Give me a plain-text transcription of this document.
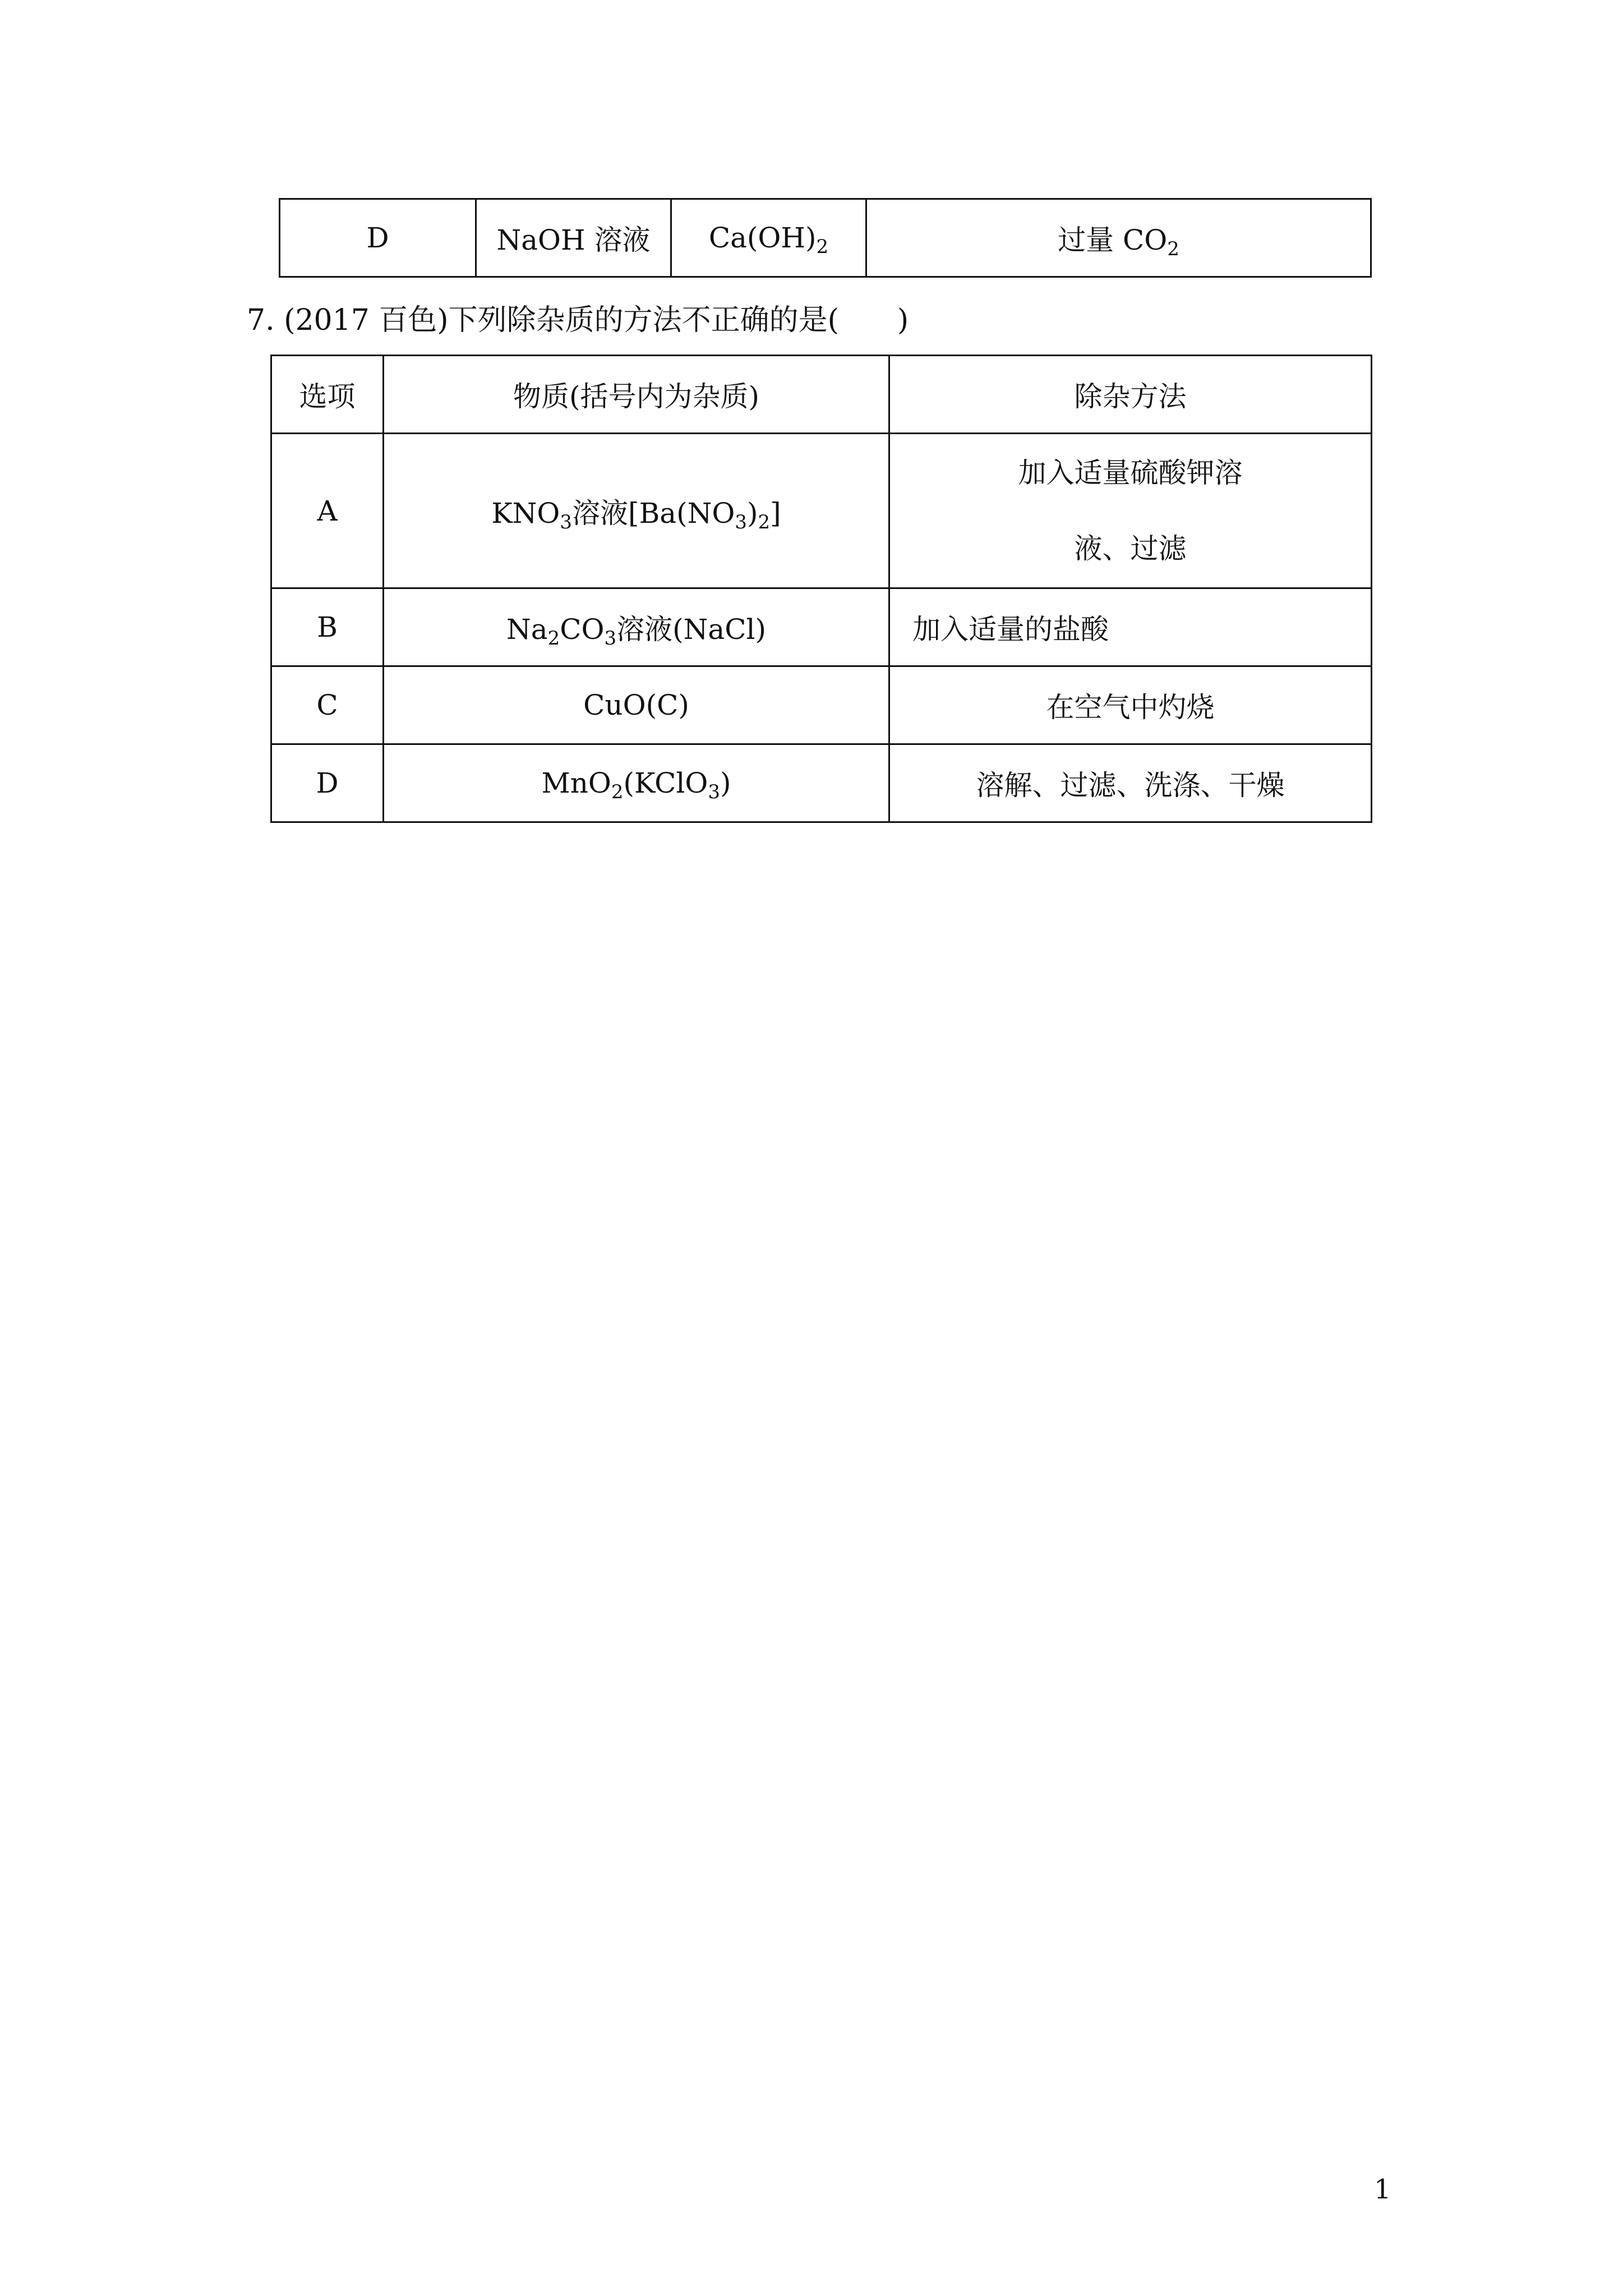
D	NaOH 溶液	$Ca(OH)_2$	过量 $CO_2$
7. (2017 百色)下列除杂质的方法不正确的是(　　)
选项	物质(括号内为杂质)	除杂方法
A	$KNO_3$溶液$[Ba(NO_3)_2]$	加入适量硫酸钾溶
液、过滤

B	$Na_2CO_3$溶液(NaCl)	加入适量的盐酸
C	CuO(C)	在空气中灼烧
D	MnO$_2$(KClO$_3$)	溶解、过滤、洗涤、干燥
1
